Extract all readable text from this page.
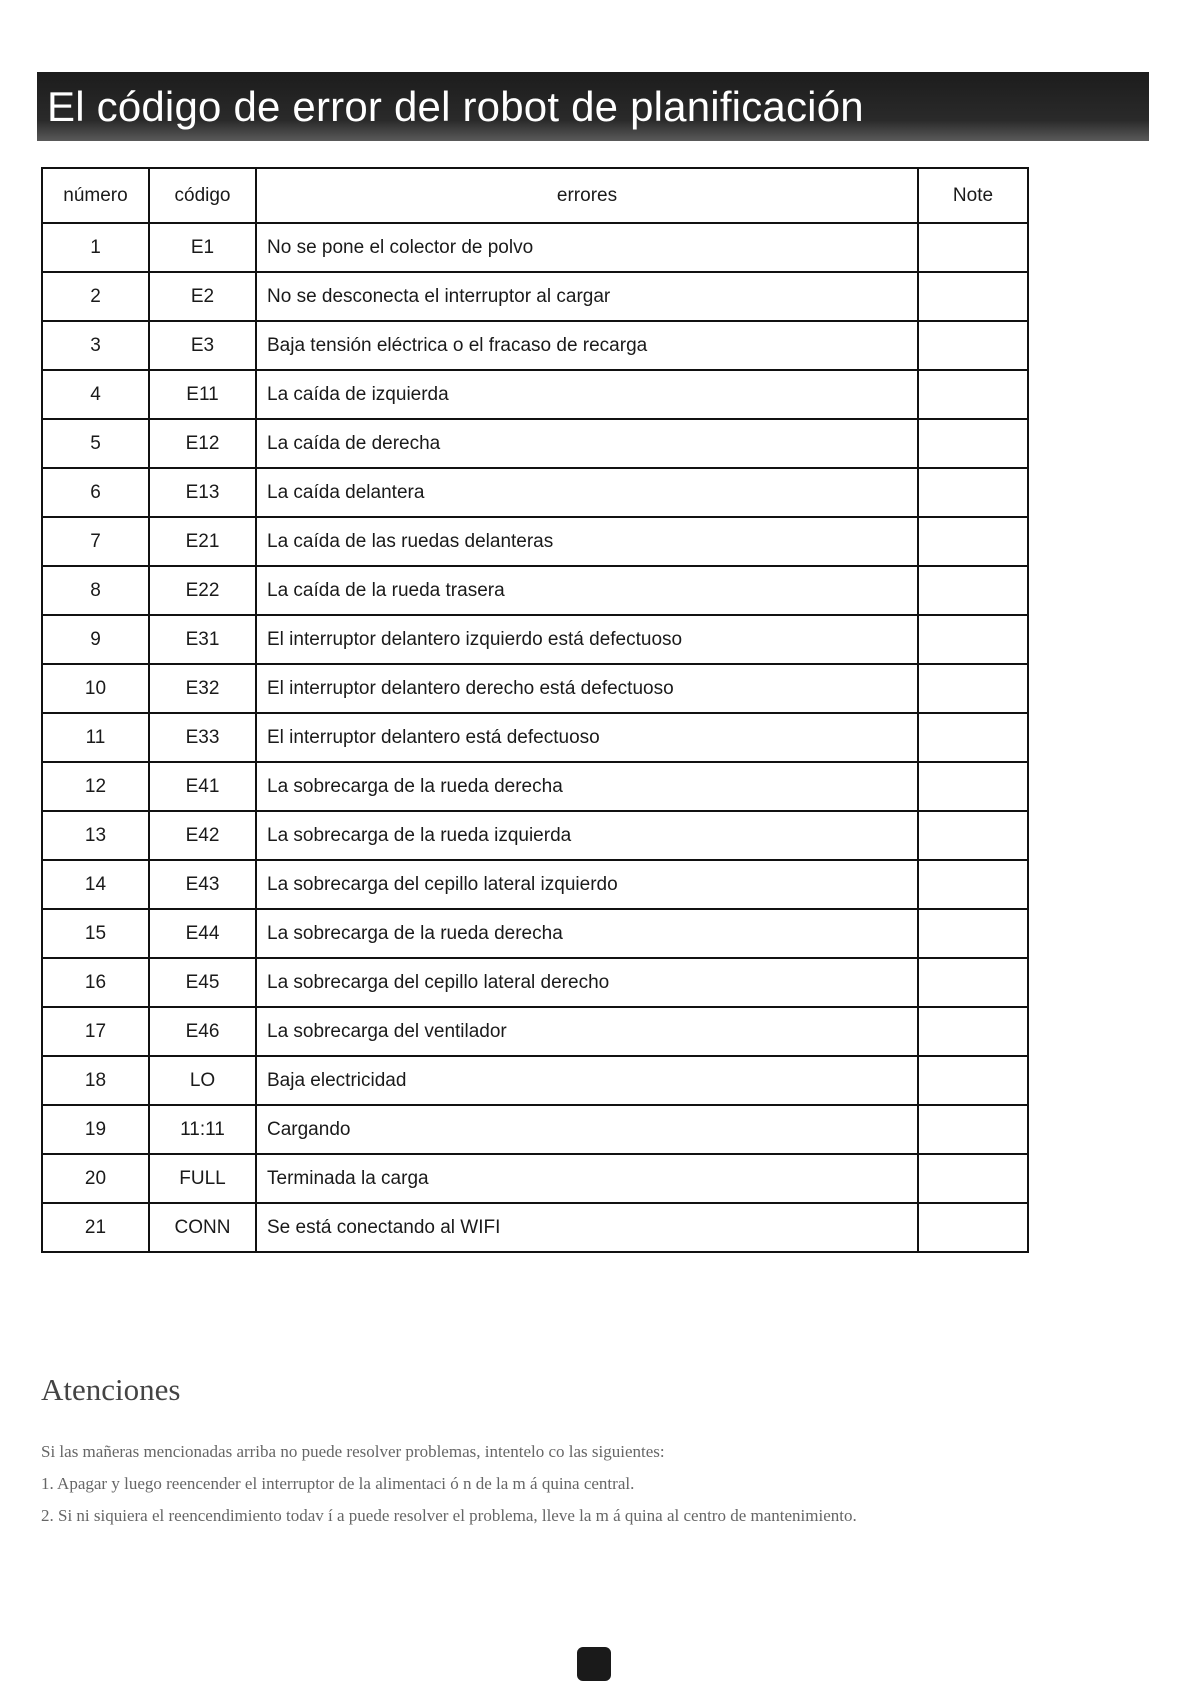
El código de error del robot de planificación
número	código	errores	Note
1	E1	No se pone el colector de polvo	
2	E2	No se desconecta el interruptor al cargar	
3	E3	Baja tensión eléctrica o el fracaso de recarga	
4	E11	La caída de izquierda	
5	E12	La caída de derecha	
6	E13	La caída delantera	
7	E21	La caída de las ruedas delanteras	
8	E22	La caída de la rueda trasera	
9	E31	El interruptor delantero izquierdo está defectuoso	
10	E32	El interruptor delantero derecho está defectuoso	
11	E33	El interruptor delantero está defectuoso	
12	E41	La sobrecarga de la rueda derecha	
13	E42	La sobrecarga de la rueda izquierda	
14	E43	La sobrecarga del cepillo lateral izquierdo	
15	E44	La sobrecarga de la rueda derecha	
16	E45	La sobrecarga del cepillo lateral derecho	
17	E46	La sobrecarga del ventilador	
18	LO	Baja electricidad	
19	11:11	Cargando	
20	FULL	Terminada la carga	
21	CONN	Se está conectando al WIFI	
Atenciones
Si las mañeras mencionadas arriba no puede resolver problemas, intentelo co las siguientes:
1. Apagar y luego reencender el interruptor de la alimentaci ó n de la m á quina central.
2. Si ni siquiera el reencendimiento todav í a puede resolver el problema, lleve la m á quina al centro de mantenimiento.
